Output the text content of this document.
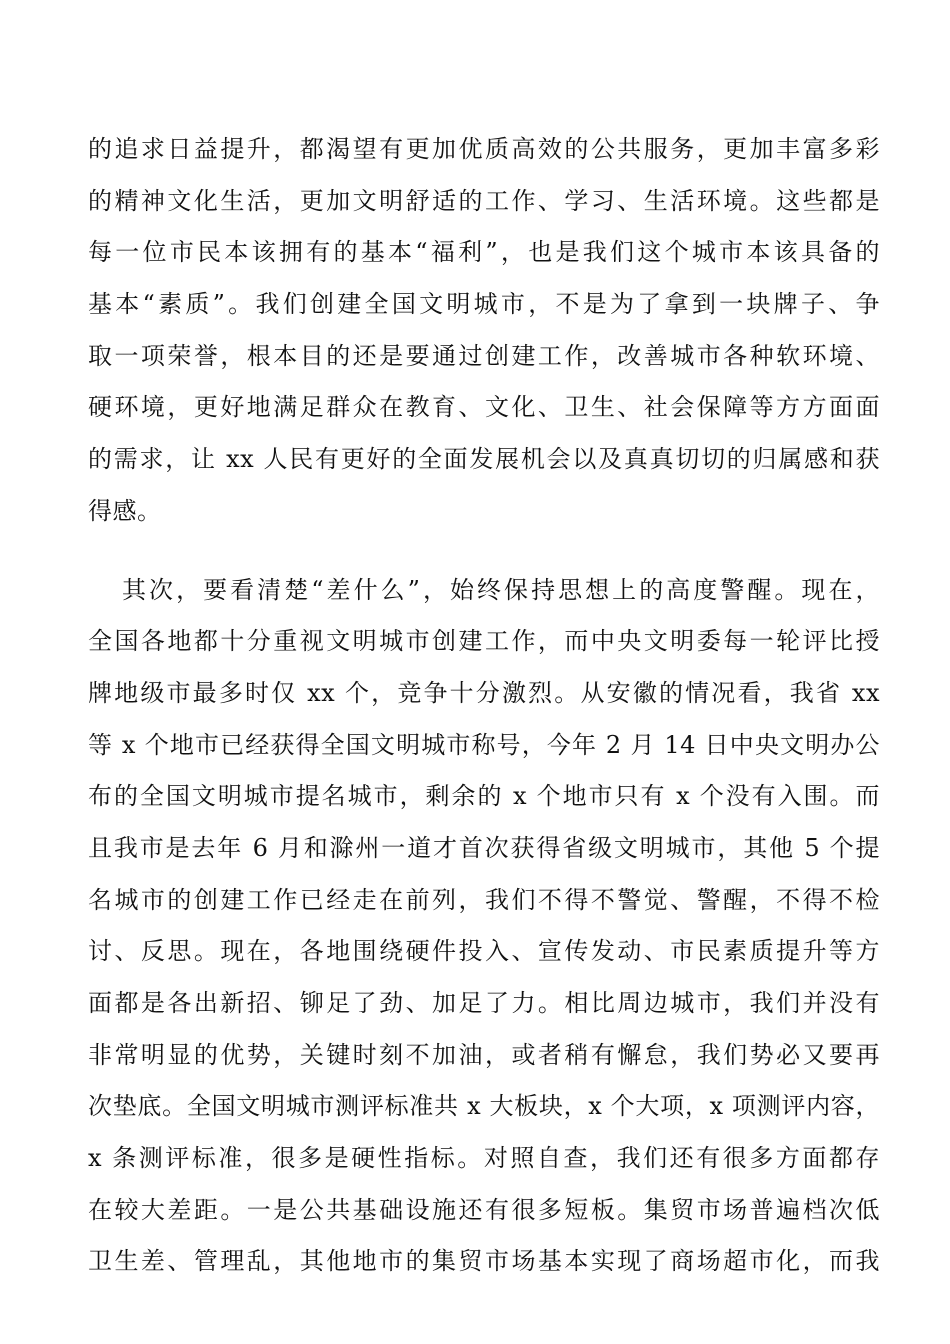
的追求日益提升，都渴望有更加优质高效的公共服务，更加丰富多彩
的精神文化生活，更加文明舒适的工作、学习、生活环境。这些都是
每一位市民本该拥有的基本“福利”，也是我们这个城市本该具备的
基本“素质”。我们创建全国文明城市，不是为了拿到一块牌子、争
取一项荣誉，根本目的还是要通过创建工作，改善城市各种软环境、
硬环境，更好地满足群众在教育、文化、卫生、社会保障等方方面面
的需求，让 xx 人民有更好的全面发展机会以及真真切切的归属感和获
得感。
其次，要看清楚“差什么”，始终保持思想上的高度警醒。现在，
全国各地都十分重视文明城市创建工作，而中央文明委每一轮评比授
牌地级市最多时仅 xx 个，竞争十分激烈。从安徽的情况看，我省 xx
等 x 个地市已经获得全国文明城市称号，今年 2 月 14 日中央文明办公
布的全国文明城市提名城市，剩余的 x 个地市只有 x 个没有入围。而
且我市是去年 6 月和滁州一道才首次获得省级文明城市，其他 5 个提
名城市的创建工作已经走在前列，我们不得不警觉、警醒，不得不检
讨、反思。现在，各地围绕硬件投入、宣传发动、市民素质提升等方
面都是各出新招、铆足了劲、加足了力。相比周边城市，我们并没有
非常明显的优势，关键时刻不加油，或者稍有懈怠，我们势必又要再
次垫底。全国文明城市测评标准共 x 大板块，x 个大项，x 项测评内容，
x 条测评标准，很多是硬性指标。对照自查，我们还有很多方面都存
在较大差距。一是公共基础设施还有很多短板。集贸市场普遍档次低
卫生差、管理乱，其他地市的集贸市场基本实现了商场超市化，而我
